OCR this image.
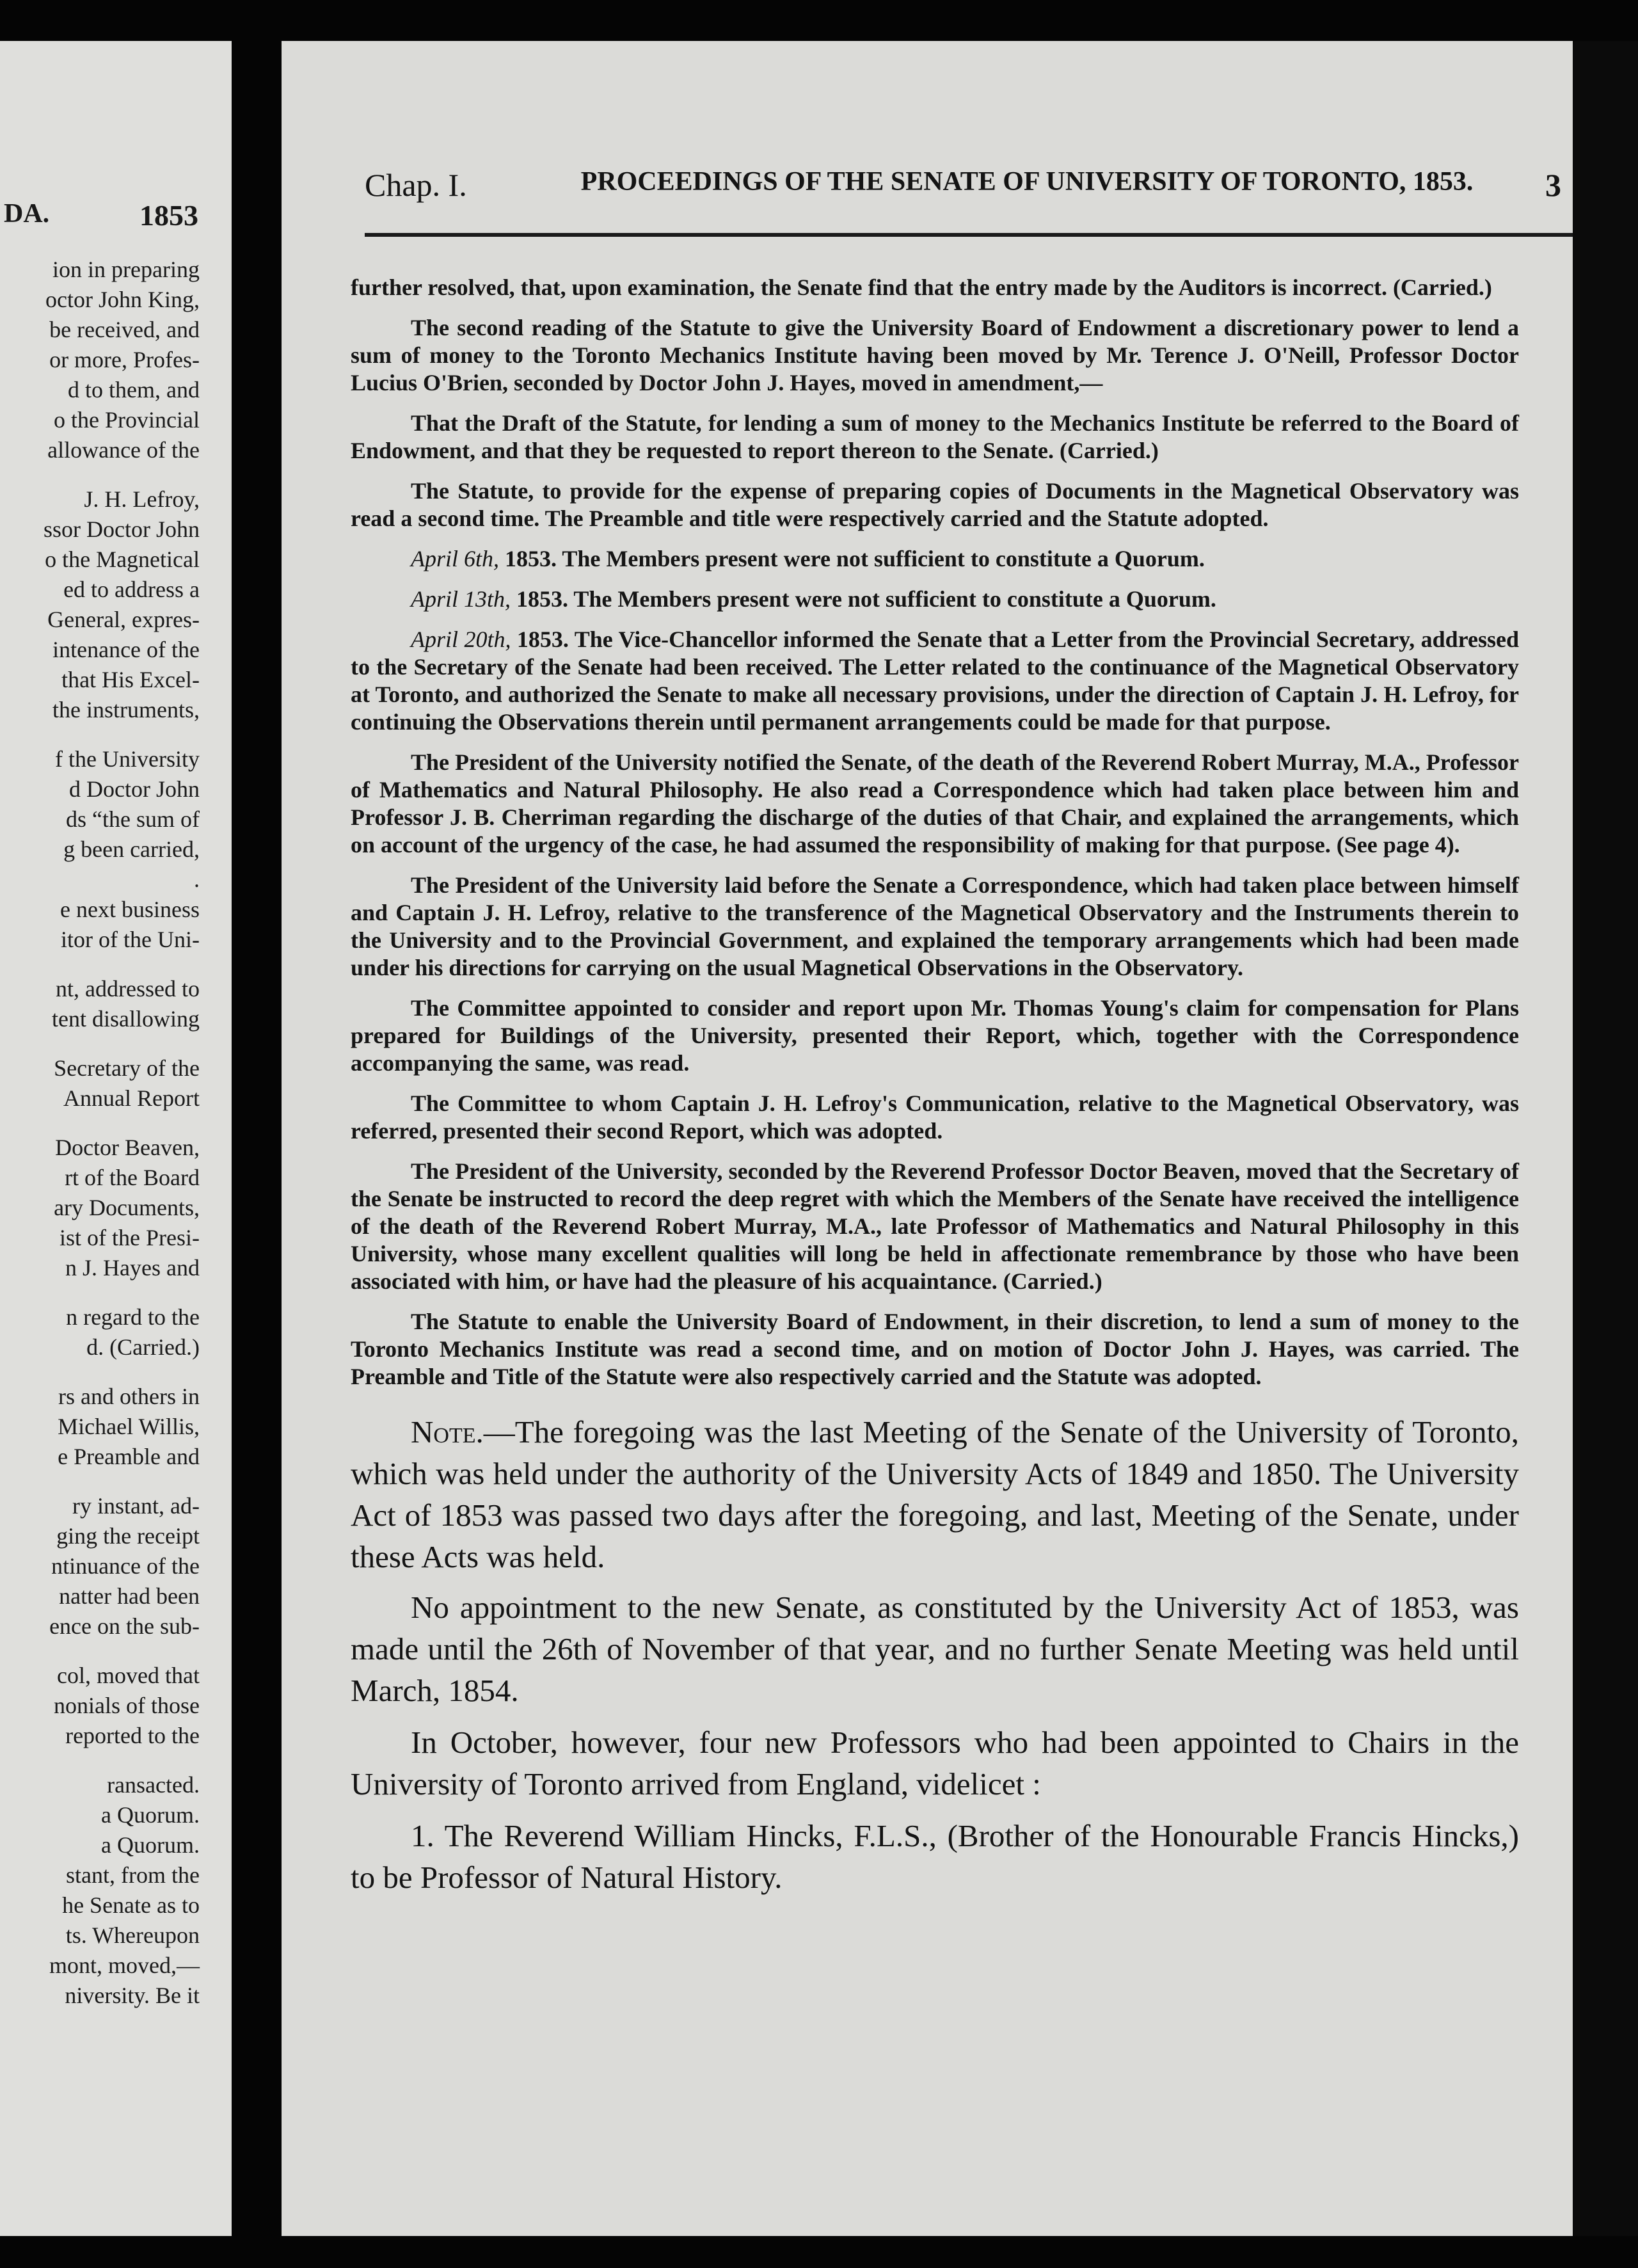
DA.	1853
ion in preparing
octor John King,
be received, and
or more, Profes-
d to them, and
o the Provincial
allowance of the
J. H. Lefroy,
ssor Doctor John
o the Magnetical
ed to address a
General, expres-
intenance of the
that His Excel-
the instruments,
f the University
d Doctor John
ds “the sum of
g been carried,
.
e next business
itor of the Uni-
nt, addressed to
tent disallowing
Secretary of the
Annual Report
Doctor Beaven,
rt of the Board
ary Documents,
ist of the Presi-
n J. Hayes and
n regard to the
d. (Carried.)
rs and others in
Michael Willis,
e Preamble and
ry instant, ad-
ging the receipt
ntinuance of the
natter had been
ence on the sub-
col, moved that
nonials of those
reported to the
ransacted.
a Quorum.
a Quorum.
stant, from the
he Senate as to
ts. Whereupon
mont, moved,—
niversity. Be it
Chap. I.	PROCEEDINGS OF THE SENATE OF UNIVERSITY OF TORONTO, 1853.	3

further resolved, that, upon examination, the Senate find that the entry made by the Auditors is incorrect. (Carried.)

The second reading of the Statute to give the University Board of Endowment a discretionary power to lend a sum of money to the Toronto Mechanics Institute having been moved by Mr. Terence J. O'Neill, Professor Doctor Lucius O'Brien, seconded by Doctor John J. Hayes, moved in amendment,—

That the Draft of the Statute, for lending a sum of money to the Mechanics Institute be referred to the Board of Endowment, and that they be requested to report thereon to the Senate. (Carried.)

The Statute, to provide for the expense of preparing copies of Documents in the Magnetical Observatory was read a second time. The Preamble and title were respectively carried and the Statute adopted.

April 6th, 1853. The Members present were not sufficient to constitute a Quorum.

April 13th, 1853. The Members present were not sufficient to constitute a Quorum.

April 20th, 1853. The Vice-Chancellor informed the Senate that a Letter from the Provincial Secretary, addressed to the Secretary of the Senate had been received. The Letter related to the continuance of the Magnetical Observatory at Toronto, and authorized the Senate to make all necessary provisions, under the direction of Captain J. H. Lefroy, for continuing the Observations therein until permanent arrangements could be made for that purpose.

The President of the University notified the Senate, of the death of the Reverend Robert Murray, M.A., Professor of Mathematics and Natural Philosophy. He also read a Correspondence which had taken place between him and Professor J. B. Cherriman regarding the discharge of the duties of that Chair, and explained the arrangements, which on account of the urgency of the case, he had assumed the responsibility of making for that purpose. (See page 4).

The President of the University laid before the Senate a Correspondence, which had taken place between himself and Captain J. H. Lefroy, relative to the transference of the Magnetical Observatory and the Instruments therein to the University and to the Provincial Government, and explained the temporary arrangements which had been made under his directions for carrying on the usual Magnetical Observations in the Observatory.

The Committee appointed to consider and report upon Mr. Thomas Young's claim for compensation for Plans prepared for Buildings of the University, presented their Report, which, together with the Correspondence accompanying the same, was read.

The Committee to whom Captain J. H. Lefroy's Communication, relative to the Magnetical Observatory, was referred, presented their second Report, which was adopted.

The President of the University, seconded by the Reverend Professor Doctor Beaven, moved that the Secretary of the Senate be instructed to record the deep regret with which the Members of the Senate have received the intelligence of the death of the Reverend Robert Murray, M.A., late Professor of Mathematics and Natural Philosophy in this University, whose many excellent qualities will long be held in affectionate remembrance by those who have been associated with him, or have had the pleasure of his acquaintance. (Carried.)

The Statute to enable the University Board of Endowment, in their discretion, to lend a sum of money to the Toronto Mechanics Institute was read a second time, and on motion of Doctor John J. Hayes, was carried. The Preamble and Title of the Statute were also respectively carried and the Statute was adopted.

Note.—The foregoing was the last Meeting of the Senate of the University of Toronto, which was held under the authority of the University Acts of 1849 and 1850. The University Act of 1853 was passed two days after the foregoing, and last, Meeting of the Senate, under these Acts was held.

No appointment to the new Senate, as constituted by the University Act of 1853, was made until the 26th of November of that year, and no further Senate Meeting was held until March, 1854.

In October, however, four new Professors who had been appointed to Chairs in the University of Toronto arrived from England, videlicet :

1. The Reverend William Hincks, F.L.S., (Brother of the Honourable Francis Hincks,) to be Professor of Natural History.
